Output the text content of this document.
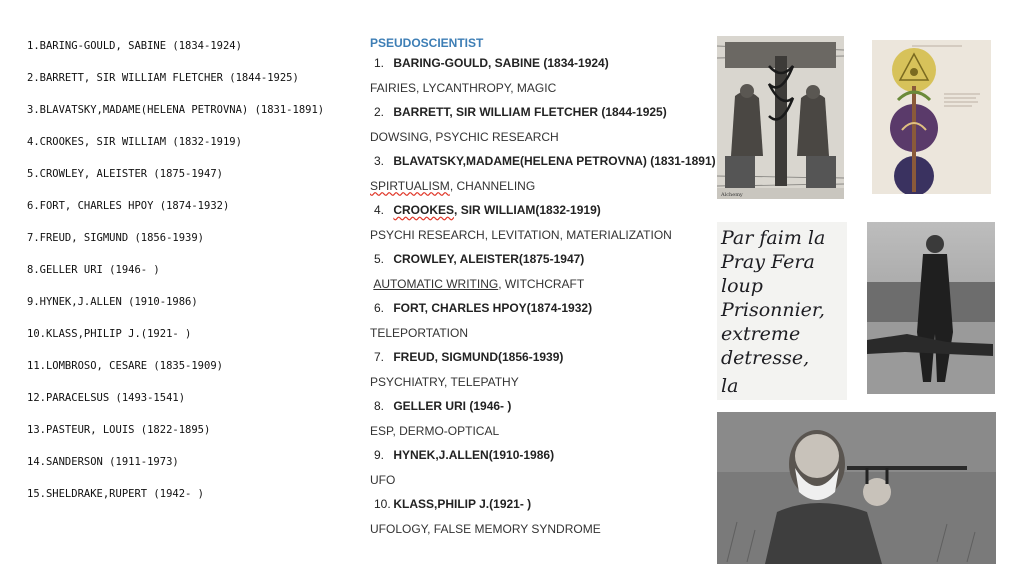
1.BARING-GOULD, SABINE (1834-1924)
2.BARRETT, SIR WILLIAM FLETCHER (1844-1925)
3.BLAVATSKY,MADAME(HELENA PETROVNA) (1831-1891)
4.CROOKES, SIR WILLIAM (1832-1919)
5.CROWLEY, ALEISTER (1875-1947)
6.FORT, CHARLES HPOY (1874-1932)
7.FREUD, SIGMUND (1856-1939)
8.GELLER URI (1946- )
9.HYNEK,J.ALLEN (1910-1986)
10.KLASS,PHILIP J.(1921- )
11.LOMBROSO, CESARE (1835-1909)
12.PARACELSUS (1493-1541)
13.PASTEUR, LOUIS (1822-1895)
14.SANDERSON (1911-1973)
15.SHELDRAKE,RUPERT (1942- )
PSEUDOSCIENTIST
1. BARING-GOULD, SABINE (1834-1924)
FAIRIES, LYCANTHROPY, MAGIC
2. BARRETT, SIR WILLIAM FLETCHER (1844-1925)
DOWSING, PSYCHIC RESEARCH
3. BLAVATSKY,MADAME(HELENA PETROVNA) (1831-1891)
SPIRTUALISM, CHANNELING
4. CROOKES, SIR WILLIAM(1832-1919)
PSYCHI RESEARCH, LEVITATION, MATERIALIZATION
5. CROWLEY, ALEISTER(1875-1947)
AUTOMATIC WRITING, WITCHCRAFT
6. FORT, CHARLES HPOY(1874-1932)
TELEPORTATION
7. FREUD, SIGMUND(1856-1939)
PSYCHIATRY, TELEPATHY
8. GELLER URI (1946- )
ESP, DERMO-OPTICAL
9. HYNEK,J.ALLEN(1910-1986)
UFO
10. KLASS,PHILIP J.(1921- )
UFOLOGY, FALSE MEMORY SYNDROME
Alchemy
Par faim la
Pray Fera
loup
Prisonnier,
extreme
detresse,
la
